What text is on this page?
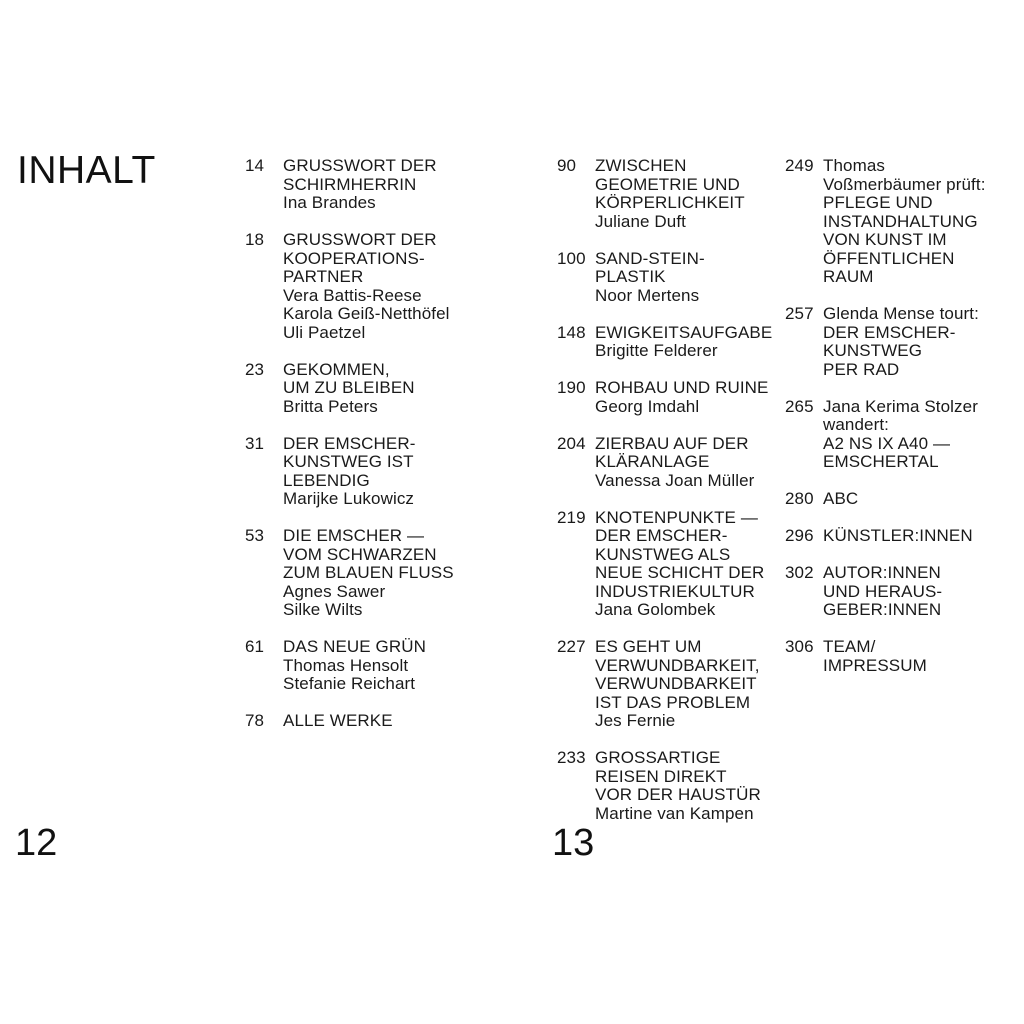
INHALT	14	GRUSSWORT DER
SCHIRMHERRIN
Ina Brandes
18	GRUSSWORT DER
KOOPERATIONS-
PARTNER
Vera Battis-Reese
Karola Geiß-Netthöfel
Uli Paetzel
23	GEKOMMEN,
UM ZU BLEIBEN
Britta Peters
31	DER EMSCHER-
KUNSTWEG IST
LEBENDIG
Marijke Lukowicz
53	DIE EMSCHER —
VOM SCHWARZEN
ZUM BLAUEN FLUSS
Agnes Sawer
Silke Wilts
61	DAS NEUE GRÜN
Thomas Hensolt
Stefanie Reichart
78	ALLE WERKE
90	ZWISCHEN
GEOMETRIE UND
KÖRPERLICHKEIT
Juliane Duft
100 SAND-STEIN-
PLASTIK
Noor Mertens
148 EWIGKEITSAUFGABE
Brigitte Felderer
190 ROHBAU UND RUINE
Georg Imdahl
204 ZIERBAU AUF DER
KLÄRANLAGE
Vanessa Joan Müller
219 KNOTENPUNKTE —
DER EMSCHER-
KUNSTWEG ALS
NEUE SCHICHT DER
INDUSTRIEKULTUR
Jana Golombek
227 ES GEHT UM
VERWUNDBARKEIT,
VERWUNDBARKEIT
IST DAS PROBLEM
Jes Fernie
233 GROSSARTIGE
REISEN DIREKT
VOR DER HAUSTÜR
Martine van Kampen
249 Thomas
Voßmerbäumer prüft:
PFLEGE UND
INSTANDHALTUNG
VON KUNST IM
ÖFFENTLICHEN
RAUM
257 Glenda Mense tourt:
DER EMSCHER-
KUNSTWEG
PER RAD
265 Jana Kerima Stolzer
wandert:
A2 NS IX A40 —
EMSCHERTAL
280 ABC
296 KÜNSTLER:INNEN
302 AUTOR:INNEN
UND HERAUS-
GEBER:INNEN
306 TEAM/
IMPRESSUM
12	13
